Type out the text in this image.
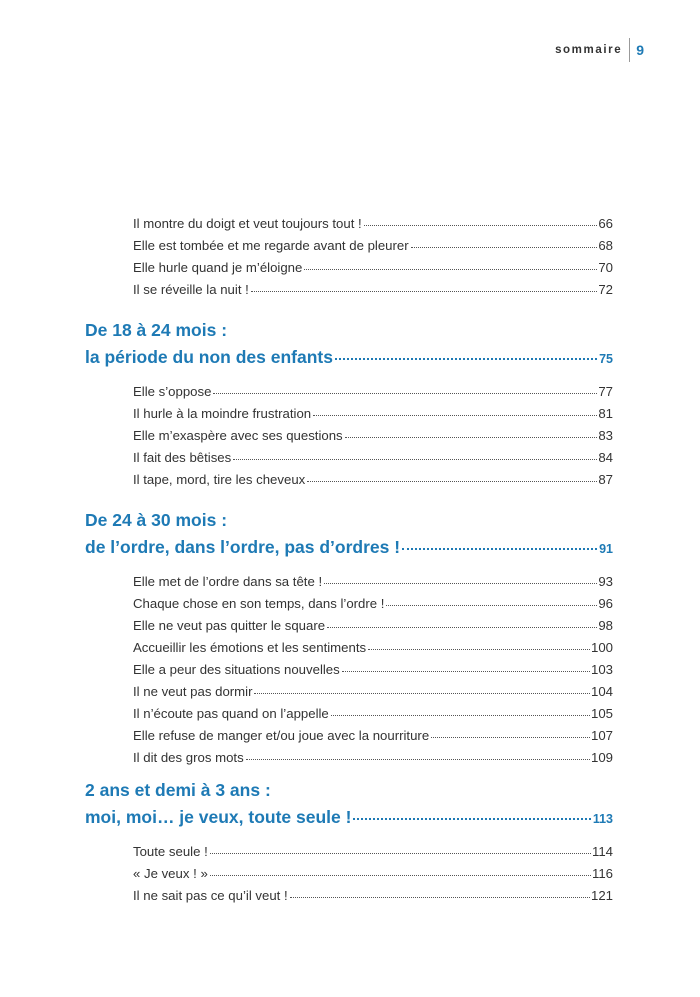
sommaire	9
Il montre du doigt et veut toujours tout !	66
Elle est tombée et me regarde avant de pleurer	68
Elle hurle quand je m’éloigne	70
Il se réveille la nuit !	72
De 18 à 24 mois :
la période du non des enfants	75
Elle s’oppose	77
Il hurle à la moindre frustration	81
Elle m’exaspère avec ses questions	83
Il fait des bêtises	84
Il tape, mord, tire les cheveux	87
De 24 à 30 mois :
de l’ordre, dans l’ordre, pas d’ordres !	91
Elle met de l’ordre dans sa tête !	93
Chaque chose en son temps, dans l’ordre !	96
Elle ne veut pas quitter le square	98
Accueillir les émotions et les sentiments	100
Elle a peur des situations nouvelles	103
Il ne veut pas dormir	104
Il n’écoute pas quand on l’appelle	105
Elle refuse de manger et/ou joue avec la nourriture	107
Il dit des gros mots	109
2 ans et demi à 3 ans :
moi, moi… je veux, toute seule !	113
Toute seule !	114
« Je veux ! »	116
Il ne sait pas ce qu’il veut !	121
